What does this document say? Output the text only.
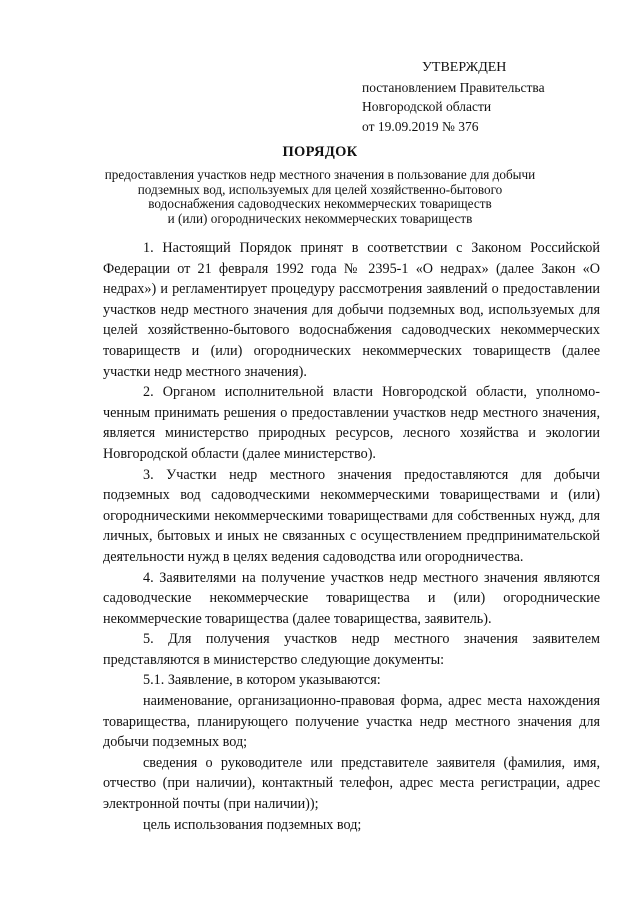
УТВЕРЖДЕН
постановлением Правительства
Новгородской области
от 19.09.2019 № 376
ПОРЯДОК
предоставления участков недр местного значения в пользование для добычи
подземных вод, используемых для целей хозяйственно-бытового
водоснабжения садоводческих некоммерческих товариществ
и (или) огороднических некоммерческих товариществ

1. Настоящий Порядок принят в соответствии с Законом Российской Федерации от 21 февраля 1992 года № 2395-1 «О недрах» (далее Закон «О недрах») и регламентирует процедуру рассмотрения заявлений о предоставлении участков недр местного значения для добычи подземных вод, используемых для целей хозяйственно-бытового водоснабжения садоводческих некоммерческих товариществ и (или) огороднических некоммерческих товариществ (далее участки недр местного значения).

2. Органом исполнительной власти Новгородской области, уполномоченным принимать решения о предоставлении участков недр местного значения, является министерство природных ресурсов, лесного хозяйства и экологии Новгородской области (далее министерство).

3. Участки недр местного значения предоставляются для добычи подземных вод садоводческими некоммерческими товариществами и (или) огородническими некоммерческими товариществами для собственных нужд, для личных, бытовых и иных не связанных с осуществлением предпринимательской деятельности нужд в целях ведения садоводства или огородничества.

4. Заявителями на получение участков недр местного значения являются садоводческие некоммерческие товарищества и (или) огороднические некоммерческие товарищества (далее товарищества, заявитель).

5. Для получения участков недр местного значения заявителем представляются в министерство следующие документы:

5.1. Заявление, в котором указываются:

наименование, организационно-правовая форма, адрес места нахождения товарищества, планирующего получение участка недр местного значения для добычи подземных вод;

сведения о руководителе или представителе заявителя (фамилия, имя, отчество (при наличии), контактный телефон, адрес места регистрации, адрес электронной почты (при наличии));

цель использования подземных вод;
